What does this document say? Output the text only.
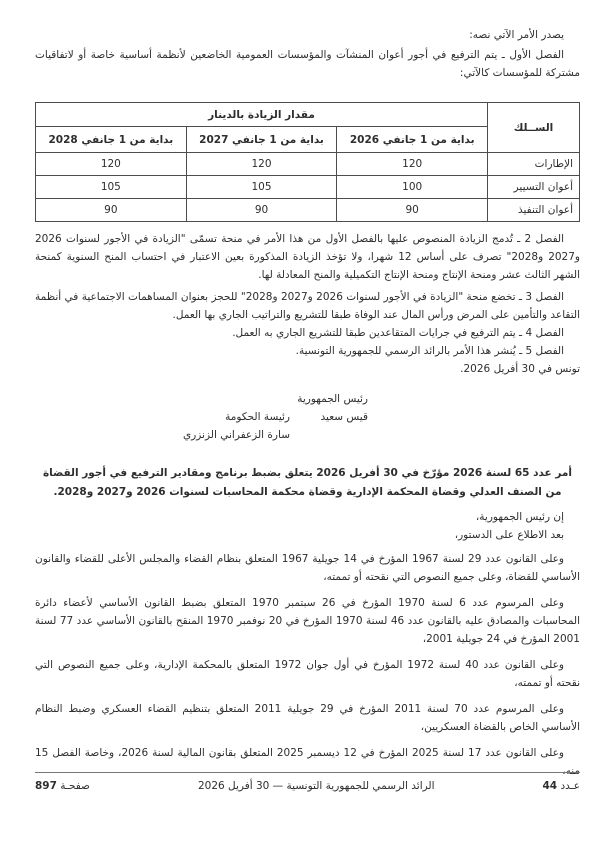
يصدر الأمر الآتي نصه:

الفصل الأول ـ يتم الترفيع في أجور أعوان المنشآت والمؤسسات العمومية الخاضعين لأنظمة أساسية خاصة أو لاتفاقيات مشتركة للمؤسسات كالآتي:

الســلك	مقدار الزيادة بالدينار		
	بداية من 1 جانفي 2026	بداية من 1 جانفي 2027	بداية من 1 جانفي 2028
الإطارات	120	120	120
أعوان التسيير	100	105	105
أعوان التنفيذ	90	90	90

الفصل 2 ـ تُدمج الزيادة المنصوص عليها بالفصل الأول من هذا الأمر في منحة تسمّى "الزيادة في الأجور لسنوات 2026 و2027 و2028" تصرف على أساس 12 شهرا، ولا تؤخذ الزيادة المذكورة بعين الاعتبار في احتساب المنح السنوية كمنحة الشهر الثالث عشر ومنحة الإنتاج ومنحة الإنتاج التكميلية والمنح المعادلة لها.

الفصل 3 ـ تخضع منحة "الزيادة في الأجور لسنوات 2026 و2027 و2028" للحجز بعنوان المساهمات الاجتماعية في أنظمة التقاعد والتأمين على المرض ورأس المال عند الوفاة طبقا للتشريع والتراتيب الجاري بها العمل.

الفصل 4 ـ يتم الترفيع في جرايات المتقاعدين طبقا للتشريع الجاري به العمل.

الفصل 5 ـ يُنشر هذا الأمر بالرائد الرسمي للجمهورية التونسية.

تونس في 30 أفريل 2026.

رئيس الجمهورية

قيس سعيد

رئيسة الحكومة

سارة الزعفراني الزنزري

أمر عدد 65 لسنة 2026 مؤرّخ في 30 أفريل 2026 يتعلق بضبط برنامج ومقادير الترفيع في أجور القضاة من الصنف العدلي وقضاة المحكمة الإدارية وقضاة محكمة المحاسبات لسنوات 2026 و2027 و2028.

إن رئيس الجمهورية،

بعد الاطلاع على الدستور،

وعلى القانون عدد 29 لسنة 1967 المؤرخ في 14 جويلية 1967 المتعلق بنظام القضاء والمجلس الأعلى للقضاء والقانون الأساسي للقضاة، وعلى جميع النصوص التي نقحته أو تممته،

وعلى المرسوم عدد 6 لسنة 1970 المؤرخ في 26 سبتمبر 1970 المتعلق بضبط القانون الأساسي لأعضاء دائرة المحاسبات والمصادق عليه بالقانون عدد 46 لسنة 1970 المؤرخ في 20 نوفمبر 1970 المنقح بالقانون الأساسي عدد 77 لسنة 2001 المؤرخ في 24 جويلية 2001،

وعلى القانون عدد 40 لسنة 1972 المؤرخ في أول جوان 1972 المتعلق بالمحكمة الإدارية، وعلى جميع النصوص التي نقحته أو تممته،

وعلى المرسوم عدد 70 لسنة 2011 المؤرخ في 29 جويلية 2011 المتعلق بتنظيم القضاء العسكري وضبط النظام الأساسي الخاص بالقضاة العسكريين،

وعلى القانون عدد 17 لسنة 2025 المؤرخ في 12 ديسمبر 2025 المتعلق بقانون المالية لسنة 2026، وخاصة الفصل 15 منه،

عـدد 44
الرائد الرسمي للجمهورية التونسية — 30 أفريل 2026
صفحـة 897
